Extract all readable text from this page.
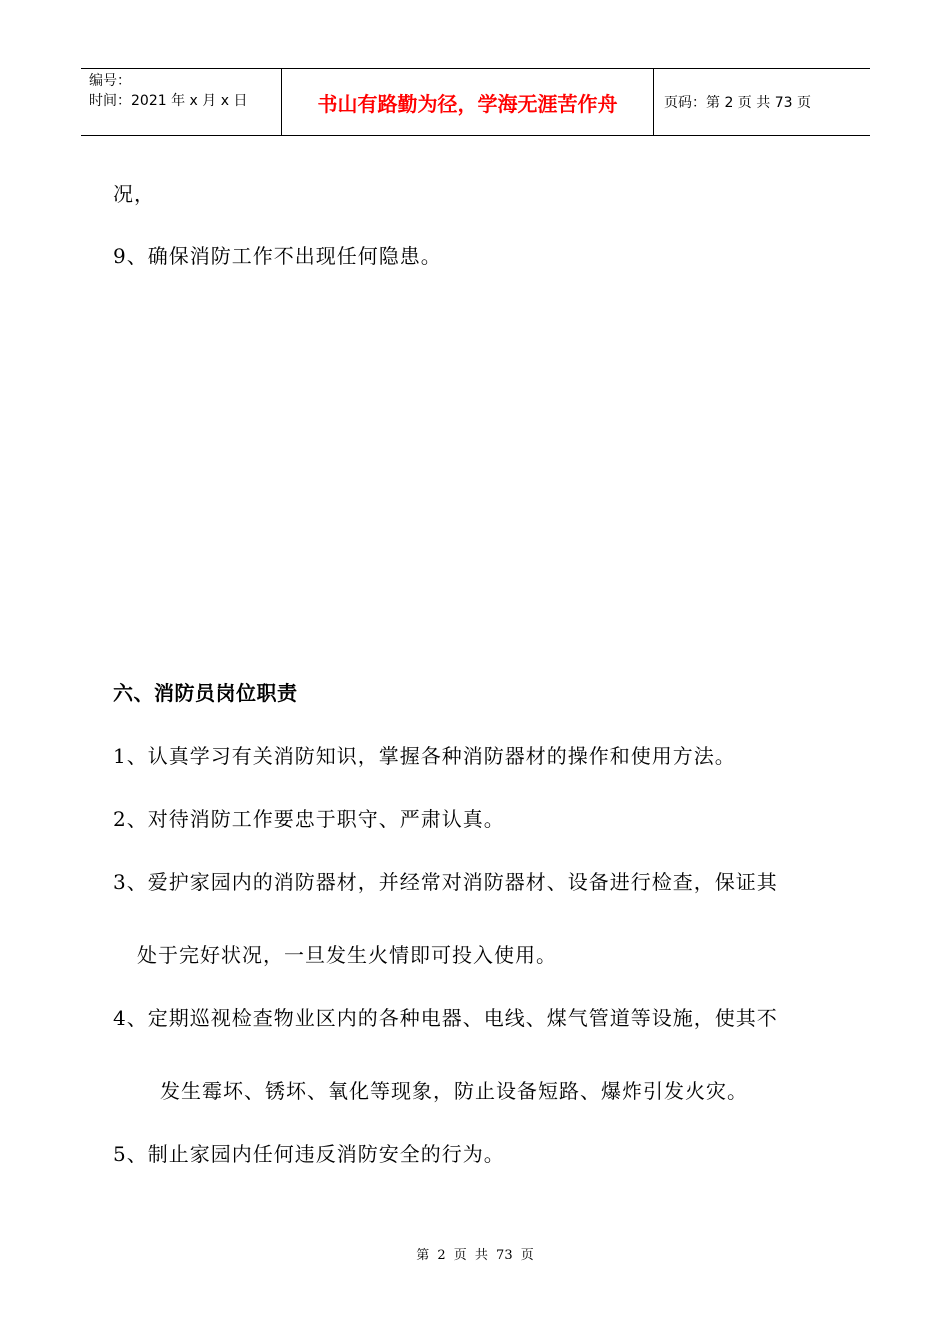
编号：
时间：2021 年 x 月 x 日	书山有路勤为径，学海无涯苦作舟	页码：第 2 页 共 73 页
况，
9、确保消防工作不出现任何隐患。
六、消防员岗位职责
1、认真学习有关消防知识，掌握各种消防器材的操作和使用方法。
2、对待消防工作要忠于职守、严肃认真。
3、爱护家园内的消防器材，并经常对消防器材、设备进行检查，保证其
处于完好状况，一旦发生火情即可投入使用。
4、定期巡视检查物业区内的各种电器、电线、煤气管道等设施，使其不
发生霉坏、锈坏、氧化等现象，防止设备短路、爆炸引发火灾。
5、制止家园内任何违反消防安全的行为。
第 2 页 共 73 页
